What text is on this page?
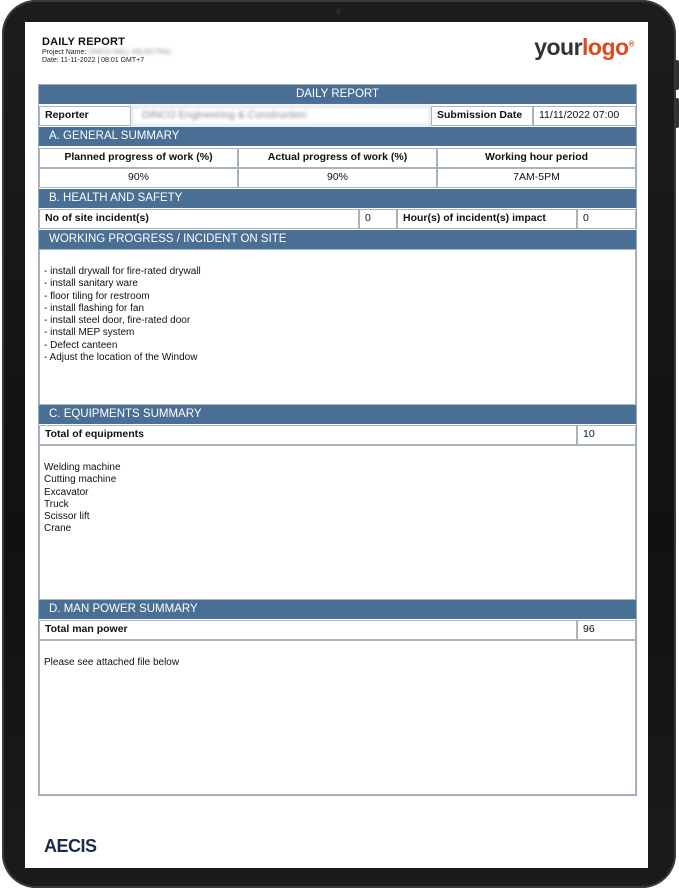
DAILY REPORT
Project Name: DINCO HALL KELECTRIC
Date: 11-11-2022 | 08:01 GMT+7
yourlogo®
DAILY REPORT
Reporter	DINCO Engineering & Construction	Submission Date	11/11/2022 07:00
A. GENERAL SUMMARY
Planned progress of work (%)	Actual progress of work (%)	Working hour period
90%	90%	7AM-5PM
B. HEALTH AND SAFETY
No of site incident(s)	0	Hour(s) of incident(s) impact	0
WORKING PROGRESS / INCIDENT ON SITE
- install drywall for fire-rated drywall
- install sanitary ware
- floor tiling for restroom
- install flashing for fan
- install steel door, fire-rated door
- install MEP system
- Defect canteen
- Adjust the location of the Window
C. EQUIPMENTS SUMMARY
Total of equipments	10
Welding machine
Cutting machine
Excavator
Truck
Scissor lift
Crane
D. MAN POWER SUMMARY
Total man power	96
Please see attached file below
AECIS
